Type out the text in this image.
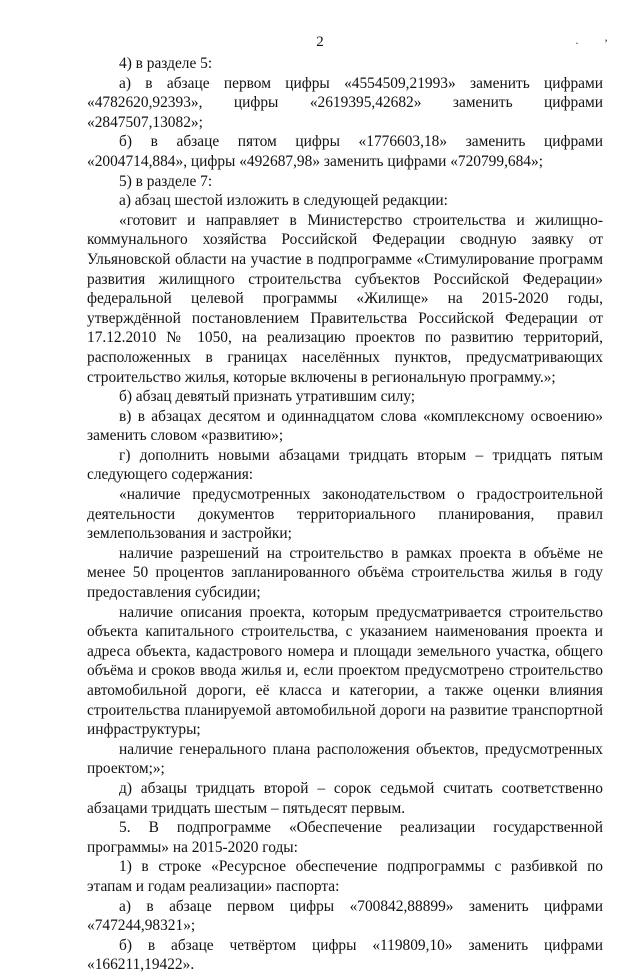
2	· ’

4) в разделе 5:

а) в абзаце первом цифры «4554509,21993» заменить цифрами «4782620,92393», цифры «2619395,42682» заменить цифрами «2847507,13082»;

б) в абзаце пятом цифры «1776603,18» заменить цифрами «2004714,884», цифры «492687,98» заменить цифрами «720799,684»;

5) в разделе 7:

а) абзац шестой изложить в следующей редакции:

«готовит и направляет в Министерство строительства и жилищно-коммунального хозяйства Российской Федерации сводную заявку от Ульяновской области на участие в подпрограмме «Стимулирование программ развития жилищного строительства субъектов Российской Федерации» федеральной целевой программы «Жилище» на 2015-2020 годы, утверждённой постановлением Правительства Российской Федерации от 17.12.2010 № 1050, на реализацию проектов по развитию территорий, расположенных в границах населённых пунктов, предусматривающих строительство жилья, которые включены в региональную программу.»;

б) абзац девятый признать утратившим силу;

в) в абзацах десятом и одиннадцатом слова «комплексному освоению» заменить словом «развитию»;

г) дополнить новыми абзацами тридцать вторым – тридцать пятым следующего содержания:

«наличие предусмотренных законодательством о градостроительной деятельности документов территориального планирования, правил землепользования и застройки;

наличие разрешений на строительство в рамках проекта в объёме не менее 50 процентов запланированного объёма строительства жилья в году предоставления субсидии;

наличие описания проекта, которым предусматривается строительство объекта капитального строительства, с указанием наименования проекта и адреса объекта, кадастрового номера и площади земельного участка, общего объёма и сроков ввода жилья и, если проектом предусмотрено строительство автомобильной дороги, её класса и категории, а также оценки влияния строительства планируемой автомобильной дороги на развитие транспортной инфраструктуры;

наличие генерального плана расположения объектов, предусмотренных проектом;»;

д) абзацы тридцать второй – сорок седьмой считать соответственно абзацами тридцать шестым – пятьдесят первым.

5. В подпрограмме «Обеспечение реализации государственной программы» на 2015-2020 годы:

1) в строке «Ресурсное обеспечение подпрограммы с разбивкой по этапам и годам реализации» паспорта:

а) в абзаце первом цифры «700842,88899» заменить цифрами «747244,98321»;

б) в абзаце четвёртом цифры «119809,10» заменить цифрами «166211,19422».
